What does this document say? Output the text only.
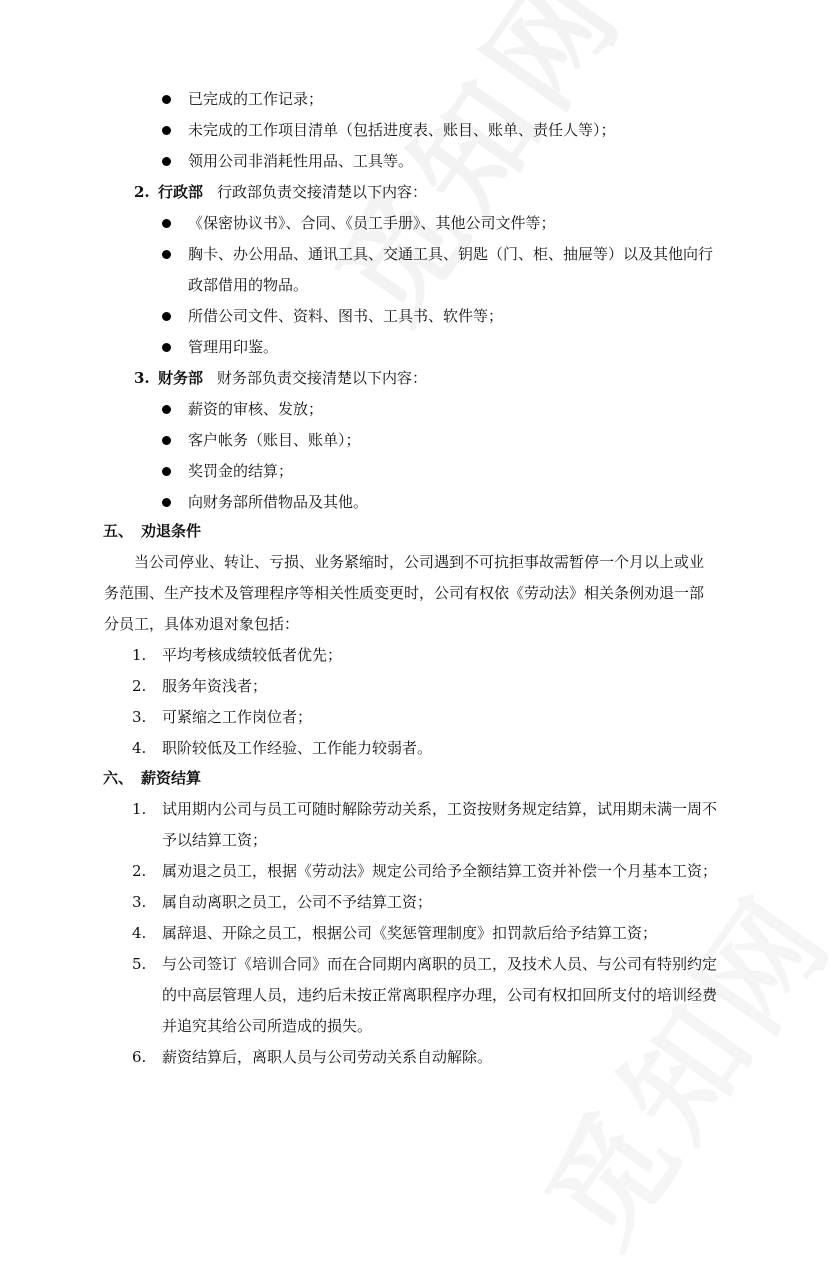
已完成的工作记录；
未完成的工作项目清单（包括进度表、账目、账单、责任人等）；
领用公司非消耗性用品、工具等。
2. 行政部 行政部负责交接清楚以下内容：
《保密协议书》、合同、《员工手册》、其他公司文件等；
胸卡、办公用品、通讯工具、交通工具、钥匙（门、柜、抽屉等）以及其他向行
政部借用的物品。
所借公司文件、资料、图书、工具书、软件等；
管理用印鉴。
3. 财务部 财务部负责交接清楚以下内容：
薪资的审核、发放；
客户帐务（账目、账单）；
奖罚金的结算；
向财务部所借物品及其他。
五、 劝退条件
当公司停业、转让、亏损、业务紧缩时，公司遇到不可抗拒事故需暂停一个月以上或业
务范围、生产技术及管理程序等相关性质变更时，公司有权依《劳动法》相关条例劝退一部
分员工，具体劝退对象包括：
1. 平均考核成绩较低者优先；
2. 服务年资浅者；
3. 可紧缩之工作岗位者；
4. 职阶较低及工作经验、工作能力较弱者。
六、 薪资结算
1. 试用期内公司与员工可随时解除劳动关系，工资按财务规定结算，试用期未满一周不
予以结算工资；
2. 属劝退之员工，根据《劳动法》规定公司给予全额结算工资并补偿一个月基本工资；
3. 属自动离职之员工，公司不予结算工资；
4. 属辞退、开除之员工，根据公司《奖惩管理制度》扣罚款后给予结算工资；
5. 与公司签订《培训合同》而在合同期内离职的员工，及技术人员、与公司有特别约定
的中高层管理人员，违约后未按正常离职程序办理，公司有权扣回所支付的培训经费
并追究其给公司所造成的损失。
6. 薪资结算后，离职人员与公司劳动关系自动解除。
